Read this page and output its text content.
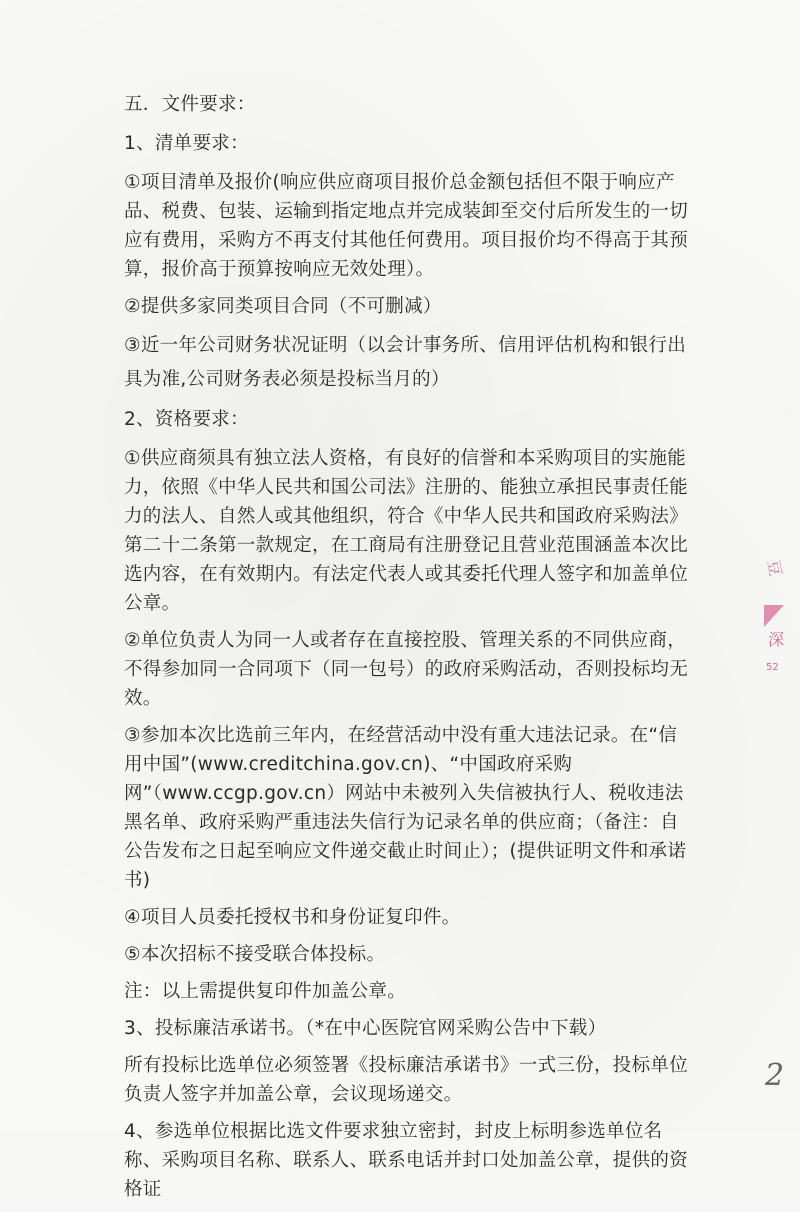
五．文件要求：
1、清单要求：
①项目清单及报价(响应供应商项目报价总金额包括但不限于响应产品、税费、包装、运输到指定地点并完成装卸至交付后所发生的一切应有费用，采购方不再支付其他任何费用。项目报价均不得高于其预算，报价高于预算按响应无效处理）。
②提供多家同类项目合同（不可删减）
③近一年公司财务状况证明（以会计事务所、信用评估机构和银行出具为准,公司财务表必须是投标当月的）
2、资格要求：
①供应商须具有独立法人资格，有良好的信誉和本采购项目的实施能力，依照《中华人民共和国公司法》注册的、能独立承担民事责任能力的法人、自然人或其他组织，符合《中华人民共和国政府采购法》第二十二条第一款规定，在工商局有注册登记且营业范围涵盖本次比选内容，在有效期内。有法定代表人或其委托代理人签字和加盖单位公章。
②单位负责人为同一人或者存在直接控股、管理关系的不同供应商，不得参加同一合同项下（同一包号）的政府采购活动，否则投标均无效。
③参加本次比选前三年内，在经营活动中没有重大违法记录。在“信用中国”(www.creditchina.gov.cn)、“中国政府采购网”（www.ccgp.gov.cn）网站中未被列入失信被执行人、税收违法黑名单、政府采购严重违法失信行为记录名单的供应商；（备注：自公告发布之日起至响应文件递交截止时间止）；(提供证明文件和承诺书)
④项目人员委托授权书和身份证复印件。
⑤本次招标不接受联合体投标。
注：以上需提供复印件加盖公章。
3、投标廉洁承诺书。（*在中心医院官网采购公告中下载）
所有投标比选单位必须签署《投标廉洁承诺书》一式三份，投标单位负责人签字并加盖公章，会议现场递交。
4、参选单位根据比选文件要求独立密封，封皮上标明参选单位名称、采购项目名称、联系人、联系电话并封口处加盖公章，提供的资格证
豆
深
52
2
